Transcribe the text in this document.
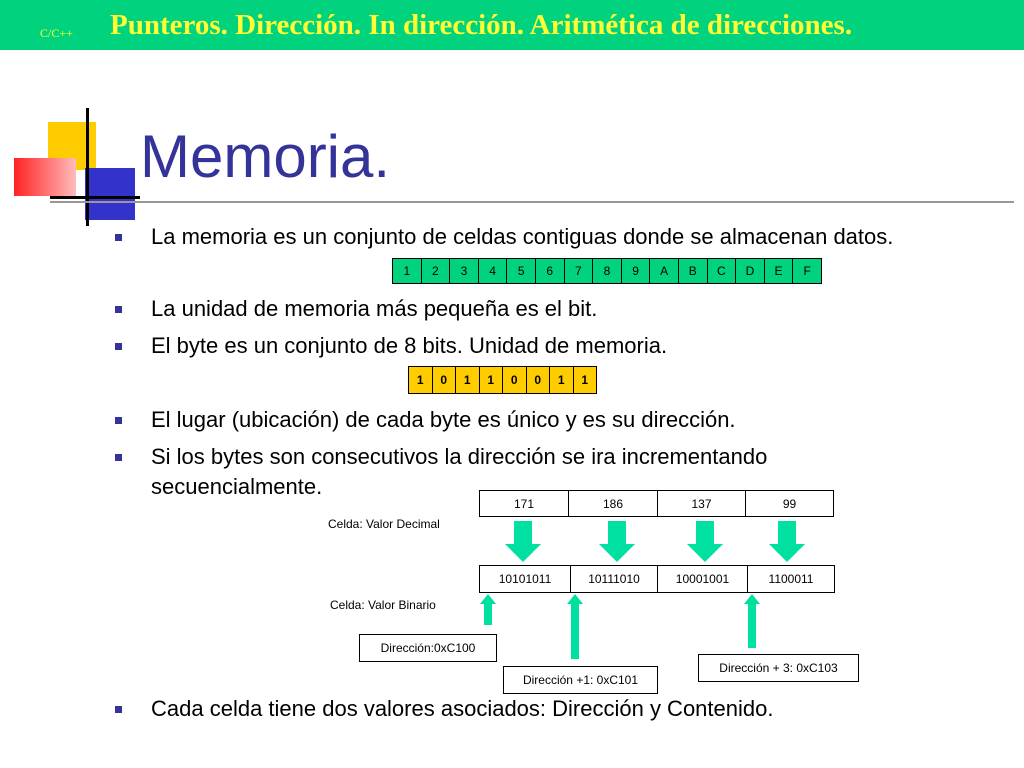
C/C++ Punteros. Dirección. In dirección. Aritmética de direcciones.
Memoria.
La memoria es un conjunto de celdas contiguas donde se almacenan datos.
1	2	3	4	5	6	7	8	9	A	B	C	D	E	F
La unidad de memoria más pequeña es el bit.
El byte es un conjunto de 8 bits. Unidad de memoria.
1	0	1	1	0	0	1	1
El lugar (ubicación) de cada byte es único y es su dirección.
Si los bytes son consecutivos la dirección se ira incrementando
secuencialmente.
171	186	137	99
Celda: Valor Decimal
10101011	10111010	10001001	1100011
Celda: Valor Binario
Dirección:0xC100
Dirección +1: 0xC101
Dirección + 3: 0xC103
Cada celda tiene dos valores asociados: Dirección y Contenido.
